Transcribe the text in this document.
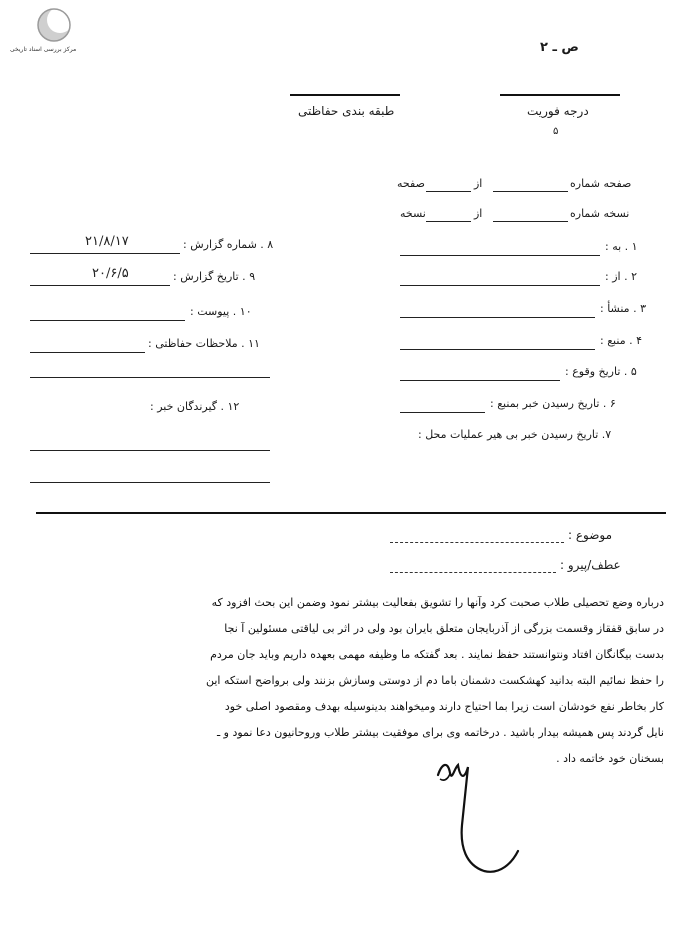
مرکز بررسی اسناد تاریخی	ص ـ ۲
درجه فوریت
۵
طبقه بندی حفاظتی
صفحه شماره
از
صفحه
نسخه شماره
از
نسخه
۱ . به :
۲ . از :
۳ . منشأ :
۴ . منبع :
۵ . تاریخ وقوع :
۶ . تاریخ رسیدن خبر بمنبع :
۷. تاریخ رسیدن خبر بی هیر عملیات محل :
۸ . شماره گزارش :
۲۱/۸/۱۷
۹ . تاریخ گزارش :
۲۰/۶/۵
۱۰ . پیوست :
۱۱ . ملاحظات حفاظتی :
۱۲ . گیرندگان خبر :
موضوع :
عطف/پیرو :
درباره وضع تحصیلی طلاب صحبت کرد وآنها را تشویق بفعالیت بیشتر نمود وضمن این بحث افزود که
در سابق قفقاز وقسمت بزرگی از آذربایجان متعلق بایران بود ولی در اثر بی لیاقتی مسئولین آ نجا
بدست بیگانگان افتاد ونتوانستند حفظ نمایند . بعد گفتکه ما وظیفه مهمی بعهده داریم وباید جان مردم
را حفظ نمائیم البته بدانید کهشکست دشمنان باما دم از دوستی وسازش بزنند ولی برواضح استکه این
کار بخاطر نفع خودشان است زیرا بما احتیاج دارند ومیخواهند بدینوسیله بهدف ومقصود اصلی خود
نایل گردند پس همیشه بیدار باشید . درخاتمه وی برای موفقیت بیشتر طلاب وروحانیون دعا نمود و ـ
بسخنان خود خاتمه داد .
